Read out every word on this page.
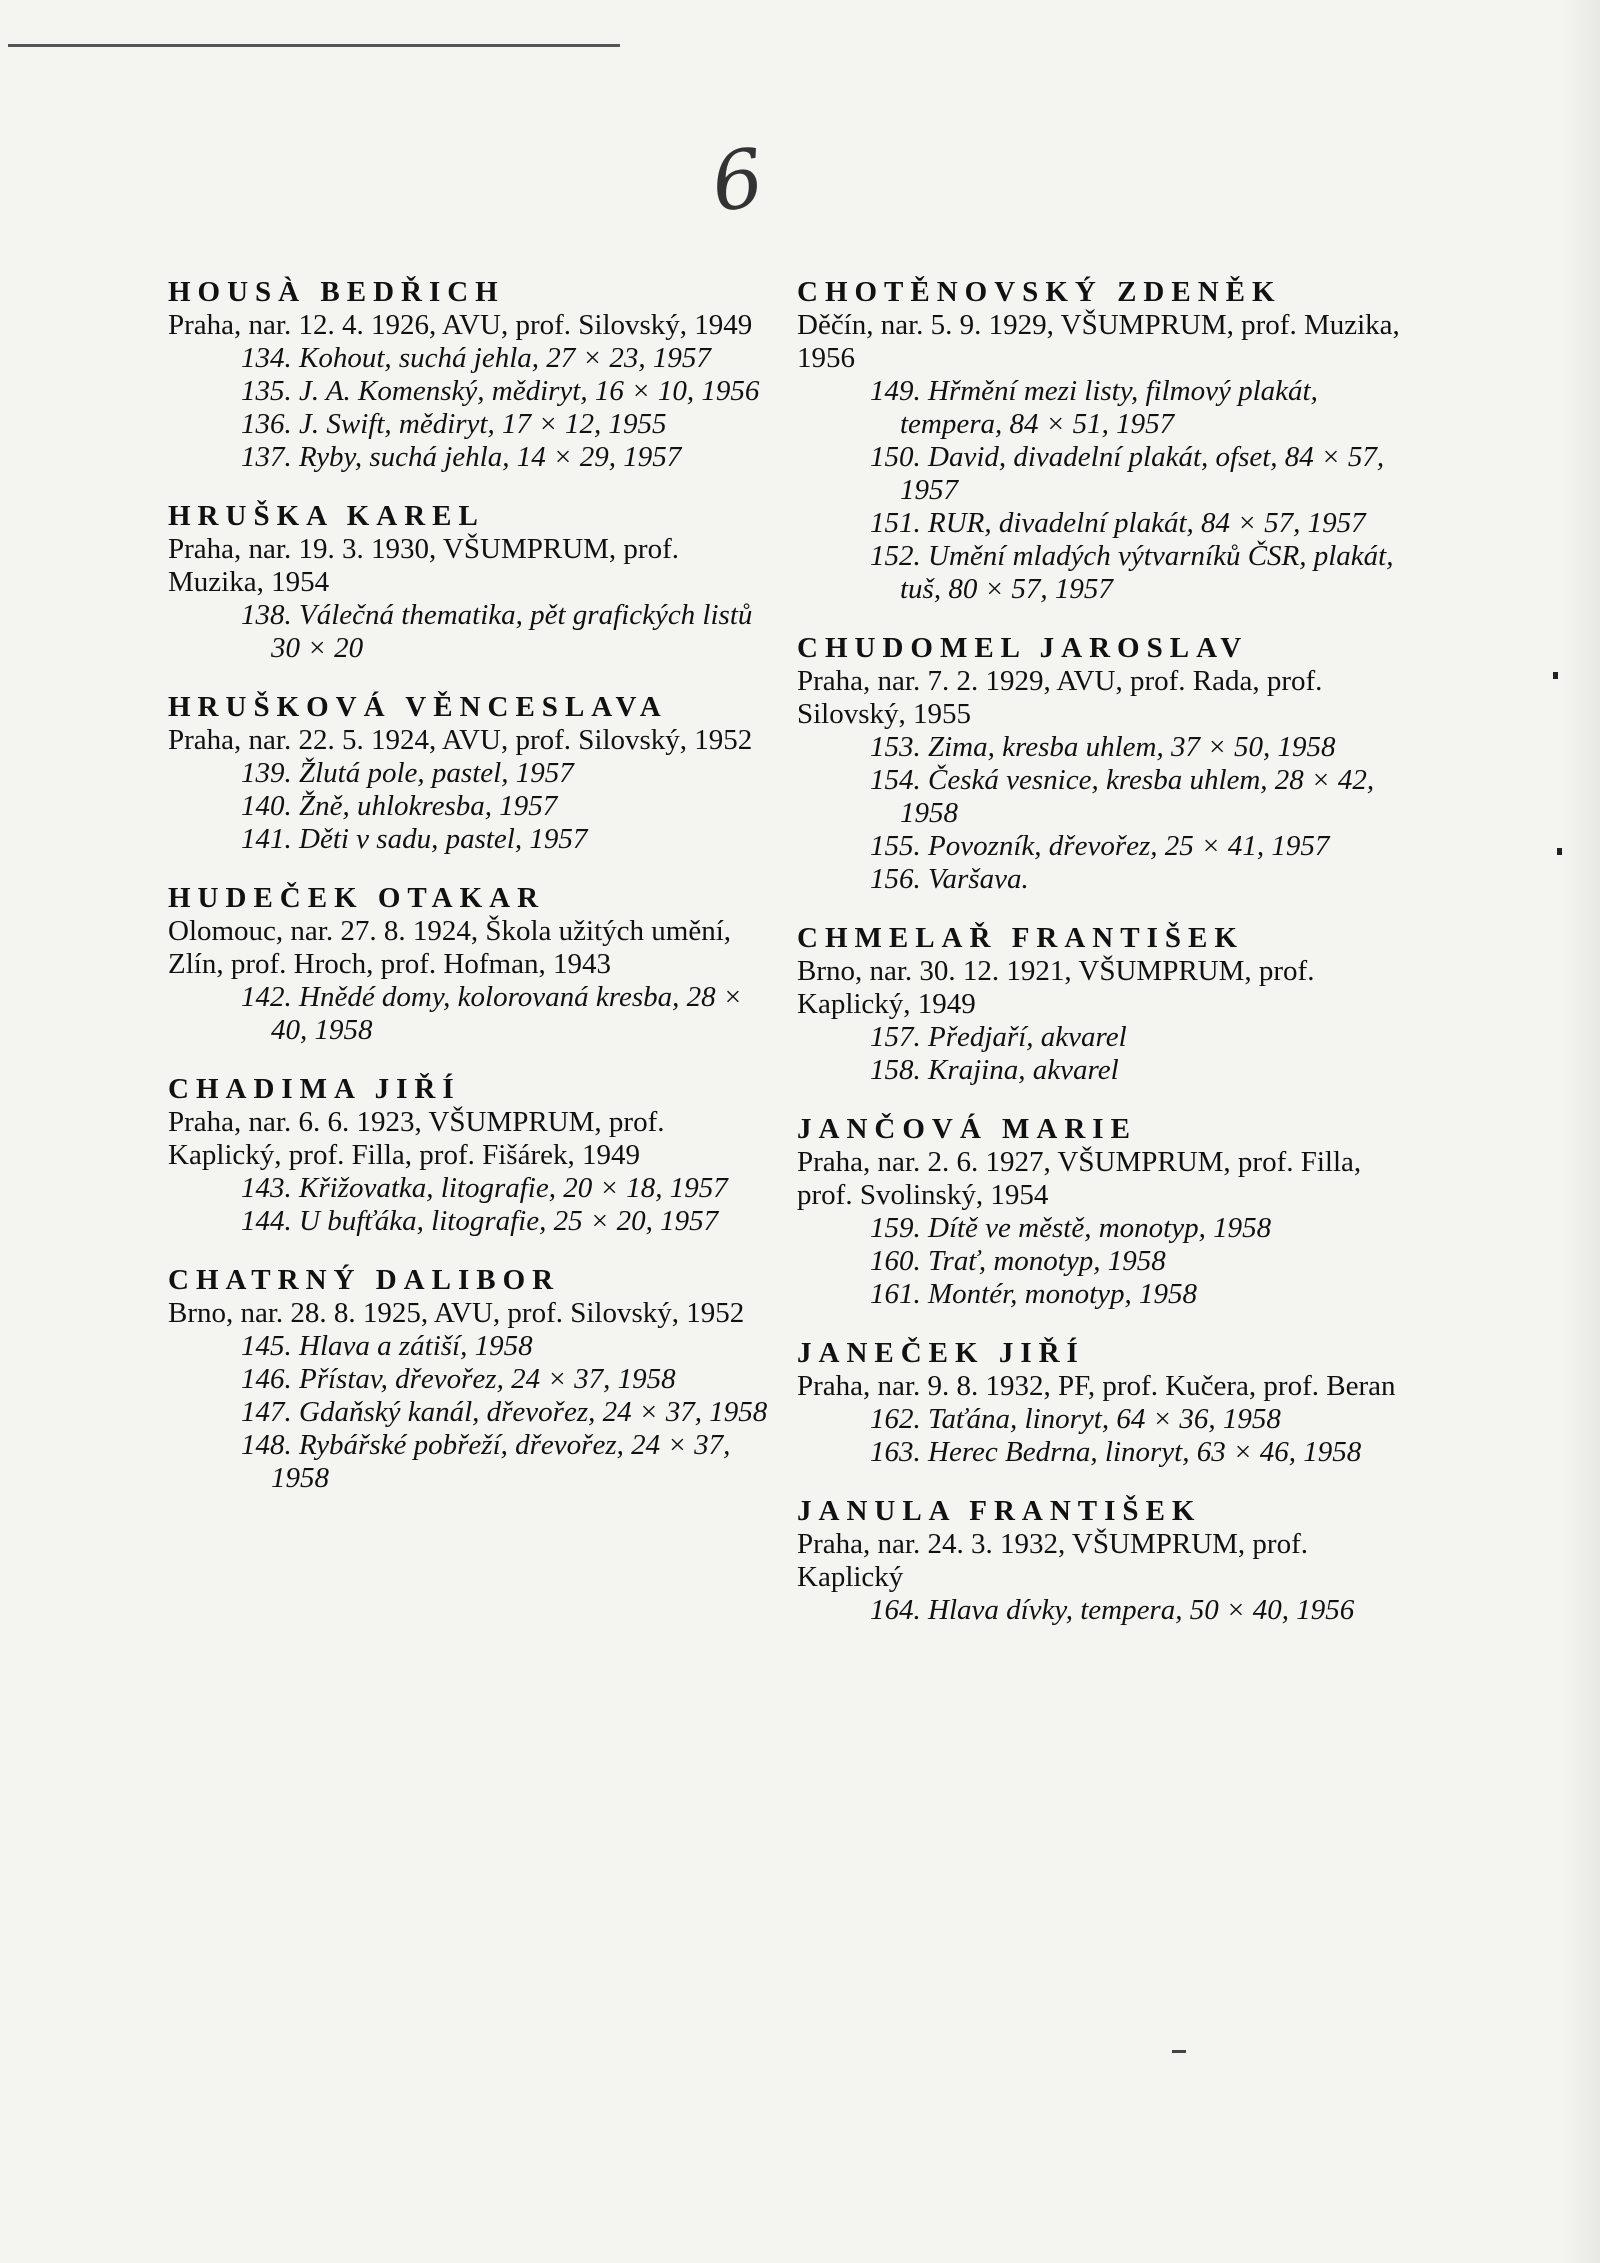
6
HOUSÀ BEDŘICH
Praha, nar. 12. 4. 1926, AVU, prof. Silovský, 1949
134. Kohout, suchá jehla, 27 × 23, 1957
135. J. A. Komenský, mědiryt, 16 × 10, 1956
136. J. Swift, mědiryt, 17 × 12, 1955
137. Ryby, suchá jehla, 14 × 29, 1957
HRUŠKA KAREL
Praha, nar. 19. 3. 1930, VŠUMPRUM, prof. Muzika, 1954
138. Válečná thematika, pět grafických listů 30 × 20
HRUŠKOVÁ VĚNCESLAVA
Praha, nar. 22. 5. 1924, AVU, prof. Silovský, 1952
139. Žlutá pole, pastel, 1957
140. Žně, uhlokresba, 1957
141. Děti v sadu, pastel, 1957
HUDEČEK OTAKAR
Olomouc, nar. 27. 8. 1924, Škola užitých umění, Zlín, prof. Hroch, prof. Hofman, 1943
142. Hnědé domy, kolorovaná kresba, 28 × 40, 1958
CHADIMA JIŘÍ
Praha, nar. 6. 6. 1923, VŠUMPRUM, prof. Kaplický, prof. Filla, prof. Fišárek, 1949
143. Křižovatka, litografie, 20 × 18, 1957
144. U bufťáka, litografie, 25 × 20, 1957
CHATRNÝ DALIBOR
Brno, nar. 28. 8. 1925, AVU, prof. Silovský, 1952
145. Hlava a zátiší, 1958
146. Přístav, dřevořez, 24 × 37, 1958
147. Gdaňský kanál, dřevořez, 24 × 37, 1958
148. Rybářské pobřeží, dřevořez, 24 × 37, 1958
CHOTĚNOVSKÝ ZDENĚK
Děčín, nar. 5. 9. 1929, VŠUMPRUM, prof. Muzika, 1956
149. Hřmění mezi listy, filmový plakát, tempera, 84 × 51, 1957
150. David, divadelní plakát, ofset, 84 × 57, 1957
151. RUR, divadelní plakát, 84 × 57, 1957
152. Umění mladých výtvarníků ČSR, plakát, tuš, 80 × 57, 1957
CHUDOMEL JAROSLAV
Praha, nar. 7. 2. 1929, AVU, prof. Rada, prof. Silovský, 1955
153. Zima, kresba uhlem, 37 × 50, 1958
154. Česká vesnice, kresba uhlem, 28 × 42, 1958
155. Povozník, dřevořez, 25 × 41, 1957
156. Varšava.
CHMELAŘ FRANTIŠEK
Brno, nar. 30. 12. 1921, VŠUMPRUM, prof. Kaplický, 1949
157. Předjaří, akvarel
158. Krajina, akvarel
JANČOVÁ MARIE
Praha, nar. 2. 6. 1927, VŠUMPRUM, prof. Filla, prof. Svolinský, 1954
159. Dítě ve městě, monotyp, 1958
160. Trať, monotyp, 1958
161. Montér, monotyp, 1958
JANEČEK JIŘÍ
Praha, nar. 9. 8. 1932, PF, prof. Kučera, prof. Beran
162. Taťána, linoryt, 64 × 36, 1958
163. Herec Bedrna, linoryt, 63 × 46, 1958
JANULA FRANTIŠEK
Praha, nar. 24. 3. 1932, VŠUMPRUM, prof. Kaplický
164. Hlava dívky, tempera, 50 × 40, 1956
